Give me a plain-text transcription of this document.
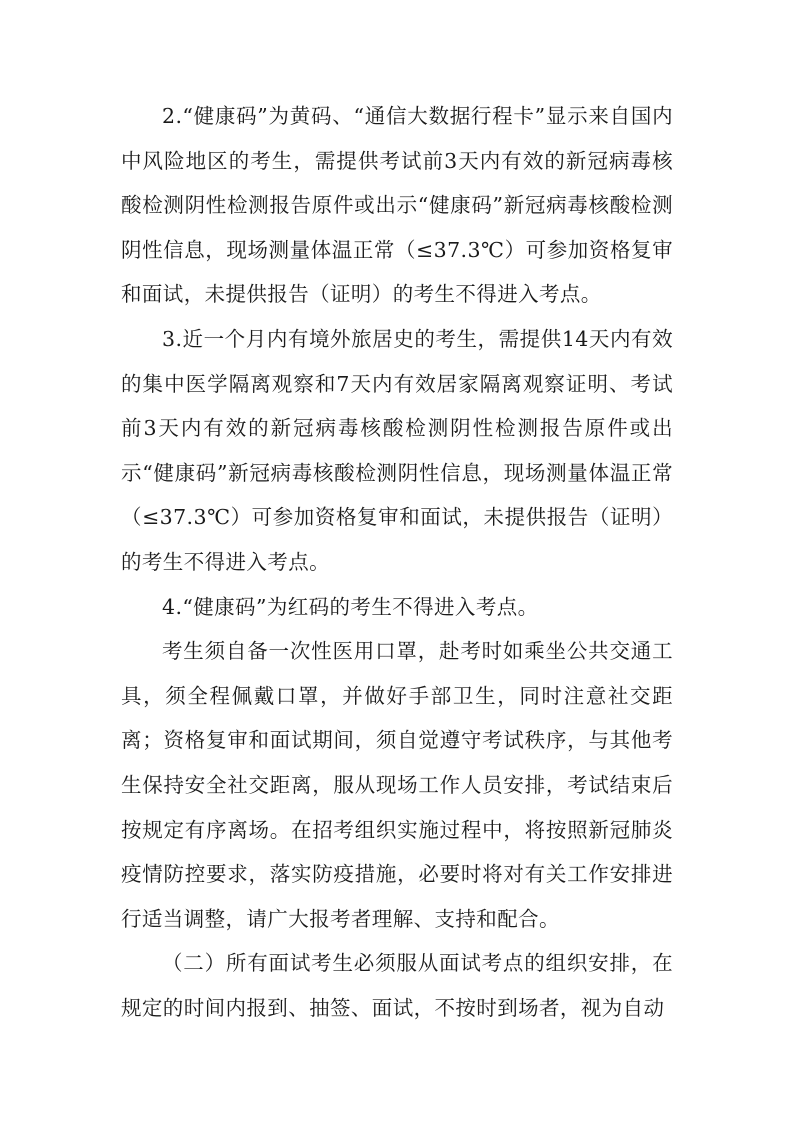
2.“健康码”为黄码、“通信大数据行程卡”显示来自国内中风险地区的考生，需提供考试前3天内有效的新冠病毒核酸检测阴性检测报告原件或出示“健康码”新冠病毒核酸检测阴性信息，现场测量体温正常（≤37.3℃）可参加资格复审和面试，未提供报告（证明）的考生不得进入考点。

3.近一个月内有境外旅居史的考生，需提供14天内有效的集中医学隔离观察和7天内有效居家隔离观察证明、考试前3天内有效的新冠病毒核酸检测阴性检测报告原件或出示“健康码”新冠病毒核酸检测阴性信息，现场测量体温正常（≤37.3℃）可参加资格复审和面试，未提供报告（证明）的考生不得进入考点。

4.“健康码”为红码的考生不得进入考点。

考生须自备一次性医用口罩，赴考时如乘坐公共交通工具，须全程佩戴口罩，并做好手部卫生，同时注意社交距离；资格复审和面试期间，须自觉遵守考试秩序，与其他考生保持安全社交距离，服从现场工作人员安排，考试结束后按规定有序离场。在招考组织实施过程中，将按照新冠肺炎疫情防控要求，落实防疫措施，必要时将对有关工作安排进行适当调整，请广大报考者理解、支持和配合。

（二）所有面试考生必须服从面试考点的组织安排，在规定的时间内报到、抽签、面试，不按时到场者，视为自动
